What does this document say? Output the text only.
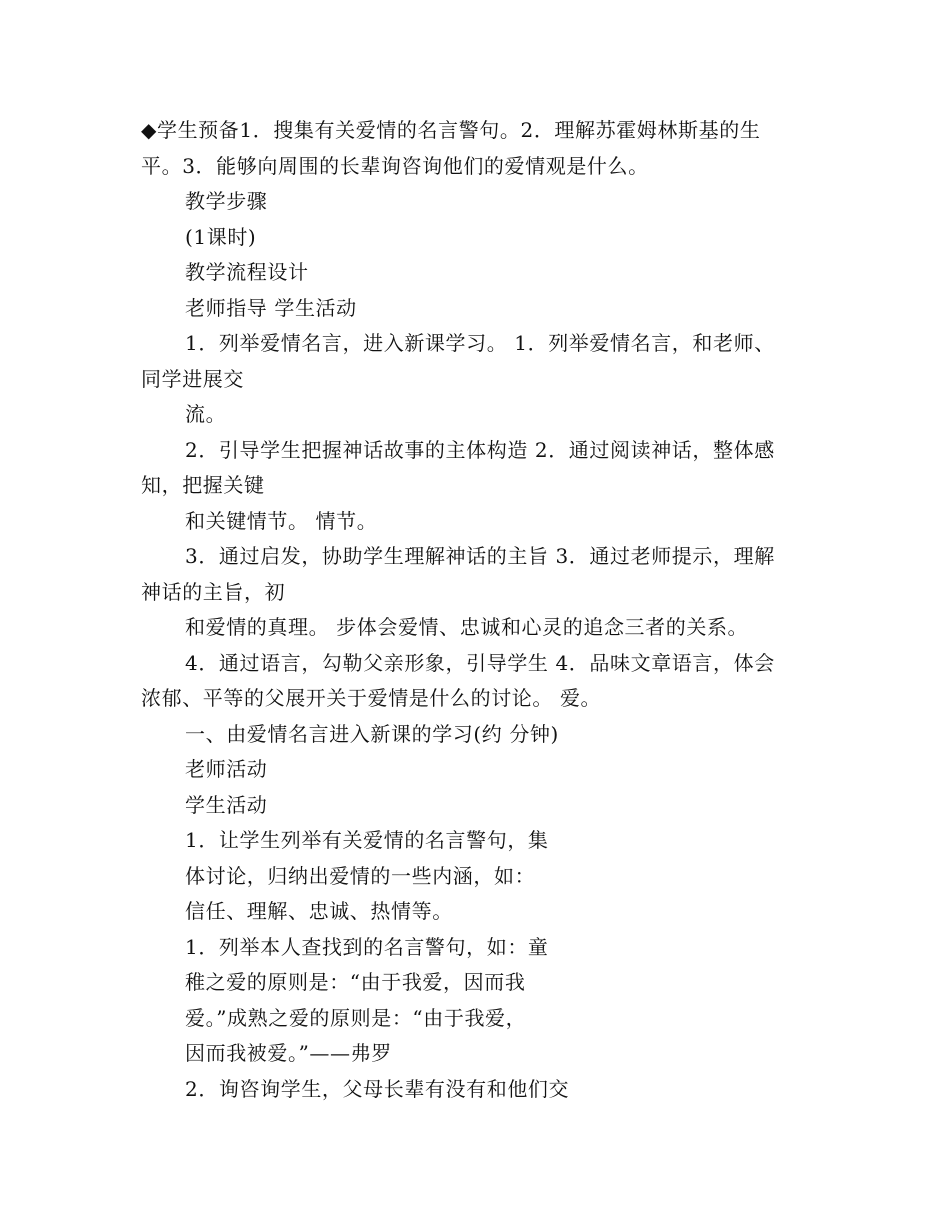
◆学生预备1．搜集有关爱情的名言警句。2．理解苏霍姆林斯基的生
平。3．能够向周围的长辈询咨询他们的爱情观是什么。
教学步骤
(1课时)
教学流程设计
老师指导 学生活动
1．列举爱情名言，进入新课学习。 1．列举爱情名言，和老师、
同学进展交
流。
2．引导学生把握神话故事的主体构造 2．通过阅读神话，整体感
知，把握关键
和关键情节。 情节。
3．通过启发，协助学生理解神话的主旨 3．通过老师提示，理解
神话的主旨，初
和爱情的真理。 步体会爱情、忠诚和心灵的追念三者的关系。
4．通过语言，勾勒父亲形象，引导学生 4．品味文章语言，体会
浓郁、平等的父展开关于爱情是什么的讨论。 爱。
一、由爱情名言进入新课的学习(约 分钟)
老师活动
学生活动
1．让学生列举有关爱情的名言警句，集
体讨论，归纳出爱情的一些内涵，如：
信任、理解、忠诚、热情等。
1．列举本人查找到的名言警句，如：童
稚之爱的原则是：“由于我爱，因而我
爱。”成熟之爱的原则是：“由于我爱，
因而我被爱。”——弗罗
2．询咨询学生，父母长辈有没有和他们交
